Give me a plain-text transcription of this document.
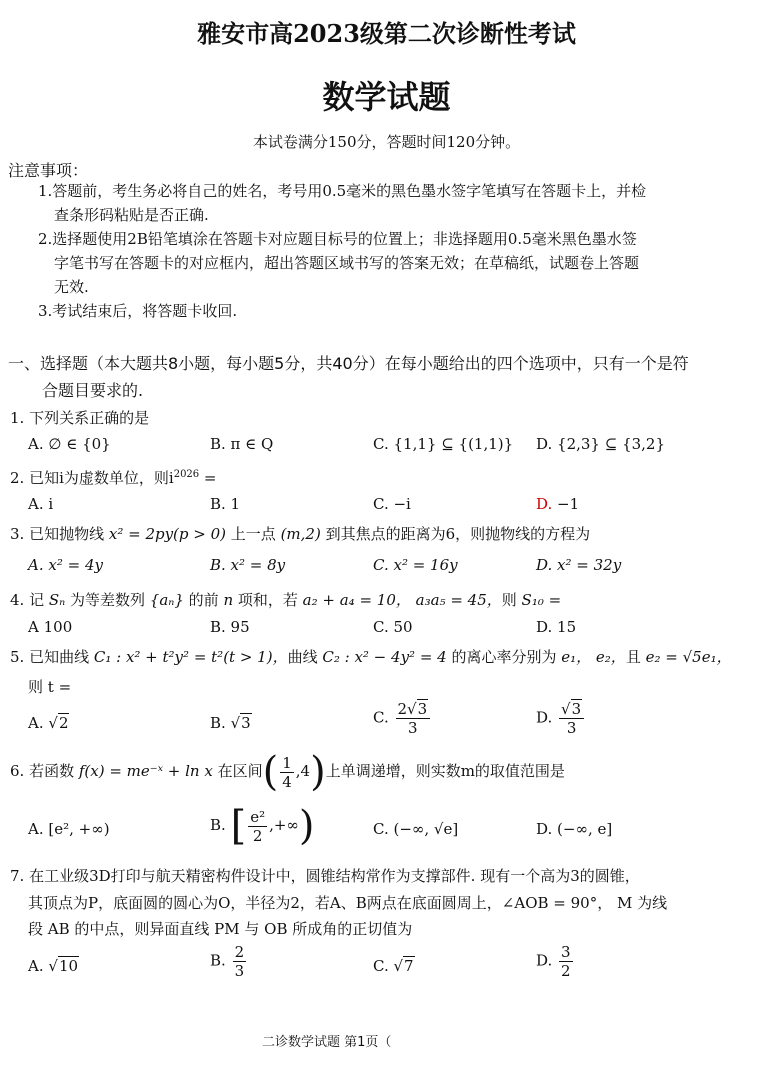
雅安市高2023级第二次诊断性考试
数学试题
本试卷满分150分，答题时间120分钟。
注意事项：
1.答题前，考生务必将自己的姓名，考号用0.5毫米的黑色墨水签字笔填写在答题卡上，并检
查条形码粘贴是否正确.
2.选择题使用2B铅笔填涂在答题卡对应题目标号的位置上；非选择题用0.5毫米黑色墨水签
字笔书写在答题卡的对应框内，超出答题区域书写的答案无效；在草稿纸，试题卷上答题
无效.
3.考试结束后，将答题卡收回.
一、选择题（本大题共8小题，每小题5分，共40分）在每小题给出的四个选项中，只有一个是符
合题目要求的.
1. 下列关系正确的是
A. ∅ ∈ {0}	B. π ∈ Q	C. {1,1} ⊆ {(1,1)} D. {2,3} ⊆ {3,2}
2. 已知i为虚数单位，则$i^{2026}$ =
A. i	B. 1	C. −i	D. −1
3. 已知抛物线 x² = 2py(p > 0) 上一点 (m,2) 到其焦点的距离为6，则抛物线的方程为
A. x² = 4y	B. x² = 8y	C. x² = 16y	D. x² = 32y
4. 记 Sₙ 为等差数列 {aₙ} 的前 n 项和，若 a₂ + a₄ = 10， a₃a₅ = 45，则 S₁₀ =
A 100	B. 95	C. 50	D. 15
5. 已知曲线 C₁ : x² + t²y² = t²(t > 1)，曲线 C₂ : x² − 4y² = 4 的离心率分别为 e₁， e₂，且 e₂ = √5e₁，
则 t =
A. √2	B. √3	C. $\frac{2√3}{3}$	D. $\frac{√3}{3}$
6. 若函数 f(x) = me⁻ˣ + ln x 在区间( $\frac{1}{4} ,4$)上单调递增，则实数m的取值范围是
A. [e², +∞)	B. [ $\frac{\text{e²}}{2}$ ,+∞)	C. (−∞, √e]	D. (−∞, e]
7. 在工业级3D打印与航天精密构件设计中，圆锥结构常作为支撑部件. 现有一个高为3的圆锥，
其顶点为P，底面圆的圆心为O，半径为2，若A、B两点在底面圆周上，∠AOB = 90°， M 为线
段 AB 的中点，则异面直线 PM 与 OB 所成角的正切值为
A. √10	B. $\frac{2}{3}$	C. √7	D. $\frac{3}{2}$
二诊数学试题 第1页（
